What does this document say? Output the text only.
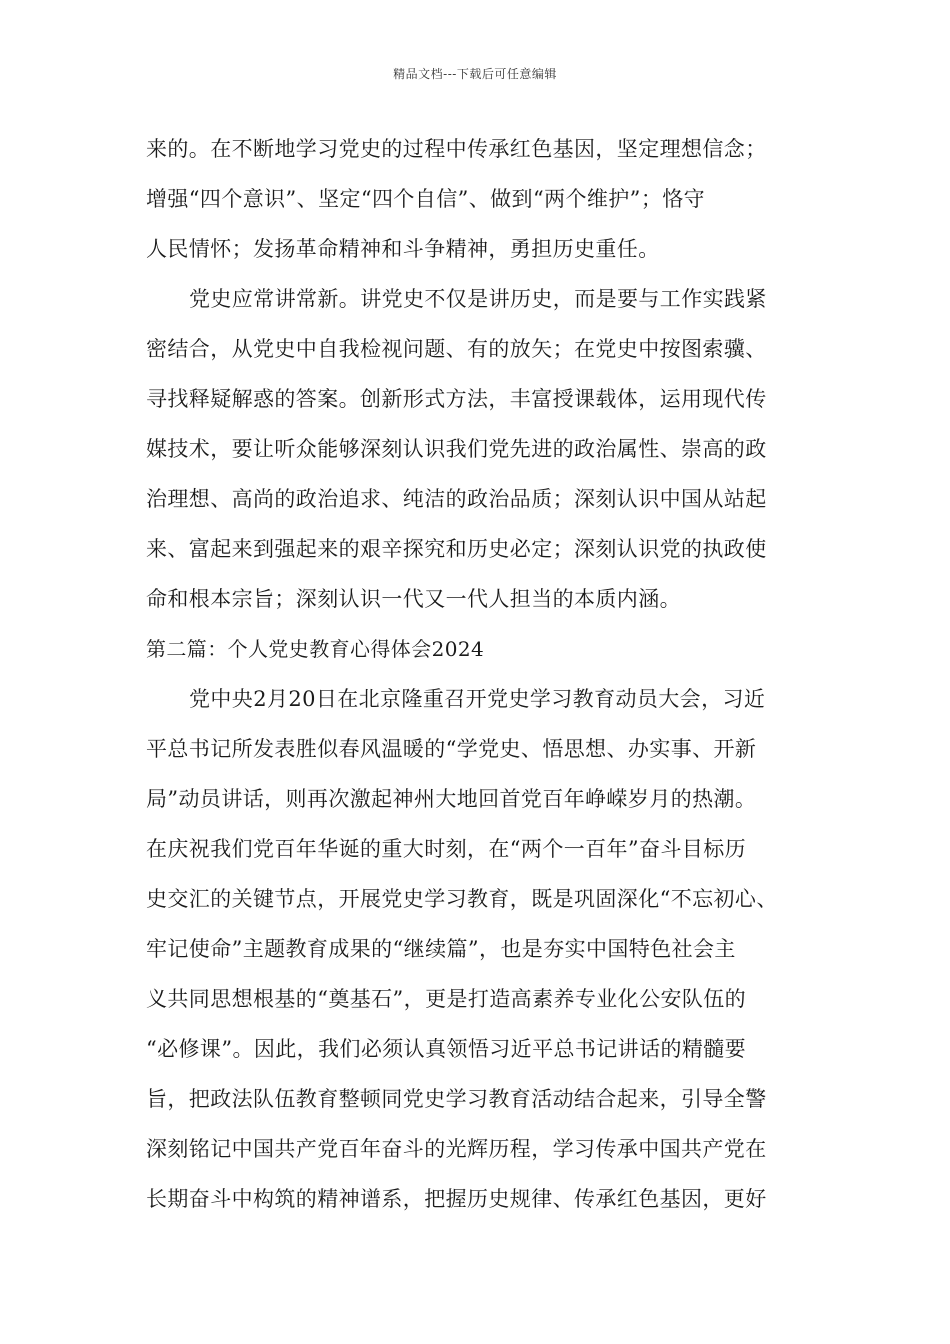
精品文档---下载后可任意编辑
来的。在不断地学习党史的过程中传承红色基因，坚定理想信念；
增强“四个意识”、坚定“四个自信”、做到“两个维护”；恪守
人民情怀；发扬革命精神和斗争精神，勇担历史重任。
党史应常讲常新。讲党史不仅是讲历史，而是要与工作实践紧
密结合，从党史中自我检视问题、有的放矢；在党史中按图索骥、
寻找释疑解惑的答案。创新形式方法，丰富授课载体，运用现代传
媒技术，要让听众能够深刻认识我们党先进的政治属性、崇高的政
治理想、高尚的政治追求、纯洁的政治品质；深刻认识中国从站起
来、富起来到强起来的艰辛探究和历史必定；深刻认识党的执政使
命和根本宗旨；深刻认识一代又一代人担当的本质内涵。
第二篇：个人党史教育心得体会2024
党中央2月20日在北京隆重召开党史学习教育动员大会，习近
平总书记所发表胜似春风温暖的“学党史、悟思想、办实事、开新
局”动员讲话，则再次激起神州大地回首党百年峥嵘岁月的热潮。
在庆祝我们党百年华诞的重大时刻，在“两个一百年”奋斗目标历
史交汇的关键节点，开展党史学习教育，既是巩固深化“不忘初心、
牢记使命”主题教育成果的“继续篇”，也是夯实中国特色社会主
义共同思想根基的“奠基石”，更是打造高素养专业化公安队伍的
“必修课”。因此，我们必须认真领悟习近平总书记讲话的精髓要
旨，把政法队伍教育整顿同党史学习教育活动结合起来，引导全警
深刻铭记中国共产党百年奋斗的光辉历程，学习传承中国共产党在
长期奋斗中构筑的精神谱系，把握历史规律、传承红色基因，更好
